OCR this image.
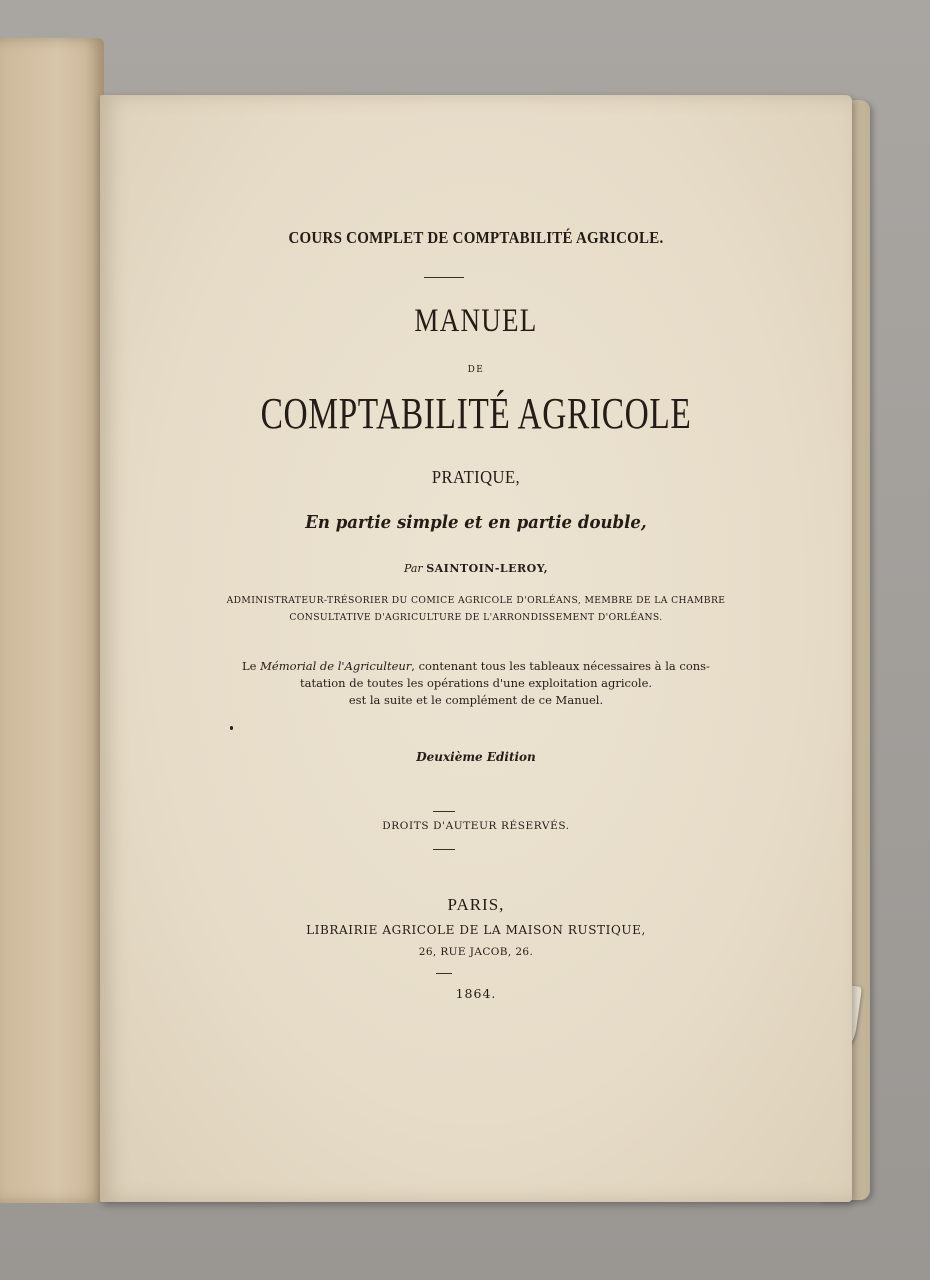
COURS COMPLET DE COMPTABILITÉ AGRICOLE.

MANUEL

DE

COMPTABILITÉ AGRICOLE

PRATIQUE,

En partie simple et en partie double,

Par SAINTOIN-LEROY,

ADMINISTRATEUR-TRÉSORIER DU COMICE AGRICOLE D'ORLÉANS, MEMBRE DE LA CHAMBRE
CONSULTATIVE D'AGRICULTURE DE L'ARRONDISSEMENT D'ORLÉANS.
Le Mémorial de l'Agriculteur, contenant tous les tableaux nécessaires à la cons-
tatation de toutes les opérations d'une exploitation agricole.
est la suite et le complément de ce Manuel.

Deuxième Edition

DROITS D'AUTEUR RÉSERVÉS.

PARIS,

LIBRAIRIE AGRICOLE DE LA MAISON RUSTIQUE,

26, RUE JACOB, 26.

1864.
